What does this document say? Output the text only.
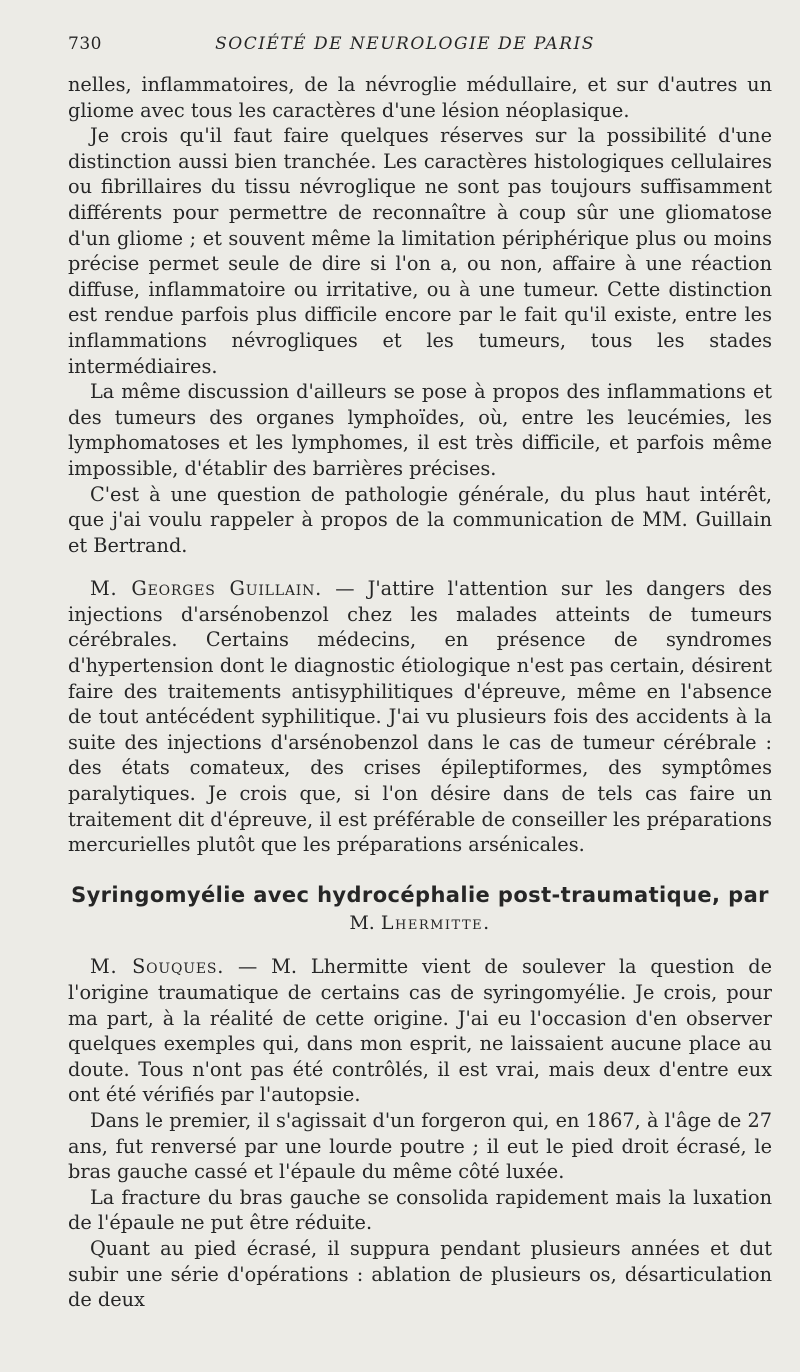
730	SOCIÉTÉ DE NEUROLOGIE DE PARIS

nelles, inflammatoires, de la névroglie médullaire, et sur d'autres un gliome avec tous les caractères d'une lésion néoplasique.

Je crois qu'il faut faire quelques réserves sur la possibilité d'une distinction aussi bien tranchée. Les caractères histologiques cellulaires ou fibrillaires du tissu névroglique ne sont pas toujours suffisamment différents pour permettre de reconnaître à coup sûr une gliomatose d'un gliome ; et souvent même la limitation périphérique plus ou moins précise permet seule de dire si l'on a, ou non, affaire à une réaction diffuse, inflammatoire ou irritative, ou à une tumeur. Cette distinction est rendue parfois plus difficile encore par le fait qu'il existe, entre les inflammations névrogliques et les tumeurs, tous les stades intermédiaires.

La même discussion d'ailleurs se pose à propos des inflammations et des tumeurs des organes lymphoïdes, où, entre les leucémies, les lymphomatoses et les lymphomes, il est très difficile, et parfois même impossible, d'établir des barrières précises.

C'est à une question de pathologie générale, du plus haut intérêt, que j'ai voulu rappeler à propos de la communication de MM. Guillain et Bertrand.

M. Georges Guillain. — J'attire l'attention sur les dangers des injections d'arsénobenzol chez les malades atteints de tumeurs cérébrales. Certains médecins, en présence de syndromes d'hypertension dont le diagnostic étiologique n'est pas certain, désirent faire des traitements antisyphilitiques d'épreuve, même en l'absence de tout antécédent syphilitique. J'ai vu plusieurs fois des accidents à la suite des injections d'arsénobenzol dans le cas de tumeur cérébrale : des états comateux, des crises épileptiformes, des symptômes paralytiques. Je crois que, si l'on désire dans de tels cas faire un traitement dit d'épreuve, il est préférable de conseiller les préparations mercurielles plutôt que les préparations arsénicales.

Syringomyélie avec hydrocéphalie post-traumatique, par
M. Lhermitte.

M. Souques. — M. Lhermitte vient de soulever la question de l'origine traumatique de certains cas de syringomyélie. Je crois, pour ma part, à la réalité de cette origine. J'ai eu l'occasion d'en observer quelques exemples qui, dans mon esprit, ne laissaient aucune place au doute. Tous n'ont pas été contrôlés, il est vrai, mais deux d'entre eux ont été vérifiés par l'autopsie.

Dans le premier, il s'agissait d'un forgeron qui, en 1867, à l'âge de 27 ans, fut renversé par une lourde poutre ; il eut le pied droit écrasé, le bras gauche cassé et l'épaule du même côté luxée.

La fracture du bras gauche se consolida rapidement mais la luxation de l'épaule ne put être réduite.

Quant au pied écrasé, il suppura pendant plusieurs années et dut subir une série d'opérations : ablation de plusieurs os, désarticulation de deux
